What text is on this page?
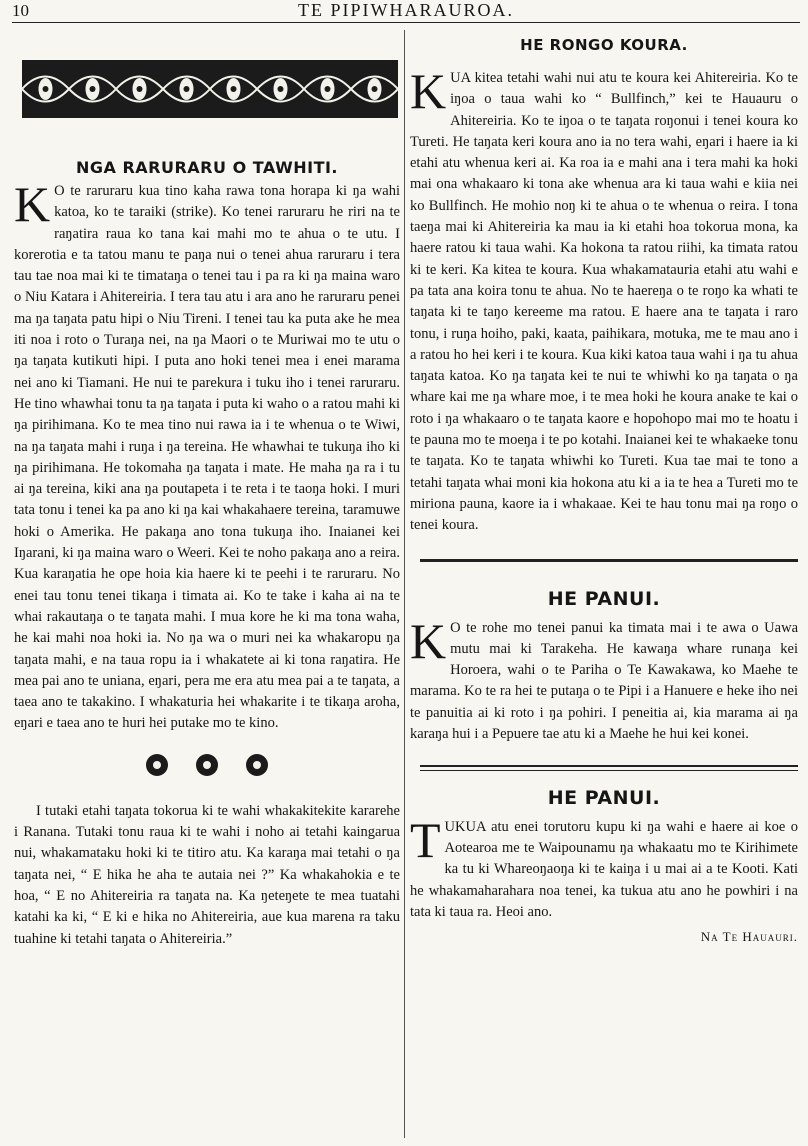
10	TE PIPIWHARAUROA.
NGA RARURARU O TAWHITI.

K O te raruraru kua tino kaha rawa tona horapa ki ŋa wahi katoa, ko te taraiki (strike). Ko tenei raruraru he riri na te raŋatira raua ko tana kai mahi mo te ahua o te utu. I korerotia e ta tatou manu te paŋa nui o tenei ahua raruraru i tera tau tae noa mai ki te timataŋa o tenei tau i pa ra ki ŋa maina waro o Niu Katara i Ahitereiria. I tera tau atu i ara ano he raruraru penei ma ŋa taŋata patu hipi o Niu Tireni. I tenei tau ka puta ake he mea iti noa i roto o Turaŋa nei, na ŋa Maori o te Muriwai mo te utu o ŋa taŋata kutikuti hipi. I puta ano hoki tenei mea i enei marama nei ano ki Tiamani. He nui te parekura i tuku iho i tenei raruraru. He tino whawhai tonu ta ŋa taŋata i puta ki waho o a ratou mahi ki ŋa pirihimana. Ko te mea tino nui rawa ia i te whenua o te Wiwi, na ŋa taŋata mahi i ruŋa i ŋa tereina. He whawhai te tukuŋa iho ki ŋa pirihimana. He tokomaha ŋa taŋata i mate. He maha ŋa ra i tu ai ŋa tereina, kiki ana ŋa poutapeta i te reta i te taoŋa hoki. I muri tata tonu i tenei ka pa ano ki ŋa kai whakahaere tereina, taramuwe hoki o Amerika. He pakaŋa ano tona tukuŋa iho. Inaianei kei Iŋarani, ki ŋa maina waro o Weeri. Kei te noho pakaŋa ano a reira. Kua karaŋatia he ope hoia kia haere ki te peehi i te raruraru. No enei tau tonu tenei tikaŋa i timata ai. Ko te take i kaha ai na te whai rakautaŋa o te taŋata mahi. I mua kore he ki ma tona waha, he kai mahi noa hoki ia. No ŋa wa o muri nei ka whakaropu ŋa taŋata mahi, e na taua ropu ia i whakatete ai ki tona raŋatira. He mea pai ano te uniana, eŋari, pera me era atu mea pai a te taŋata, a taea ano te takakino. I whakaturia hei whakarite i te tikaŋa aroha, eŋari e taea ano te huri hei putake mo te kino.

I tutaki etahi taŋata tokorua ki te wahi whakakitekite kararehe i Ranana. Tutaki tonu raua ki te wahi i noho ai tetahi kaingarua nui, whakamataku hoki ki te titiro atu. Ka karaŋa mai tetahi o ŋa taŋata nei, “ E hika he aha te autaia nei ?” Ka whakahokia e te hoa, “ E no Ahitereiria ra taŋata na. Ka ŋeteŋete te mea tuatahi katahi ka ki, “ E ki e hika no Ahitereiria, aue kua marena ra taku tuahine ki tetahi taŋata o Ahitereiria.”

HE RONGO KOURA.

KUA kitea tetahi wahi nui atu te koura kei Ahitereiria. Ko te iŋoa o taua wahi ko “ Bullfinch,” kei te Hauauru o Ahitereiria. Ko te iŋoa o te taŋata roŋonui i tenei koura ko Tureti. He taŋata keri koura ano ia no tera wahi, eŋari i haere ia ki etahi atu whenua keri ai. Ka roa ia e mahi ana i tera mahi ka hoki mai ona whakaaro ki tona ake whenua ara ki taua wahi e kiia nei ko Bullfinch. He mohio noŋ ki te ahua o te whenua o reira. I tona taeŋa mai ki Ahitereiria ka mau ia ki etahi hoa tokorua mona, ka haere ratou ki taua wahi. Ka hokona ta ratou riihi, ka timata ratou ki te keri. Ka kitea te koura. Kua whakamatauria etahi atu wahi e pa tata ana koira tonu te ahua. No te haereŋa o te roŋo ka whati te taŋata ki te taŋo kereeme ma ratou. E haere ana te taŋata i raro tonu, i ruŋa hoiho, paki, kaata, paihikara, motuka, me te mau ano i a ratou ho hei keri i te koura. Kua kiki katoa taua wahi i ŋa tu ahua taŋata katoa. Ko ŋa taŋata kei te nui te whiwhi ko ŋa taŋata o ŋa whare kai me ŋa whare moe, i te mea hoki he koura anake te kai o roto i ŋa whakaaro o te taŋata kaore e hopohopo mai mo te hoatu i te pauna mo te moeŋa i te po kotahi. Inaianei kei te whakaeke tonu te taŋata. Ko te taŋata whiwhi ko Tureti. Kua tae mai te tono a tetahi taŋata whai moni kia hokona atu ki a ia te hea a Tureti mo te miriona pauna, kaore ia i whakaae. Kei te hau tonu mai ŋa roŋo o tenei koura.

HE PANUI.

K O te rohe mo tenei panui ka timata mai i te awa o Uawa mutu mai ki Tarakeha. He kawaŋa whare runaŋa kei Horoera, wahi o te Pariha o Te Kawakawa, ko Maehe te marama. Ko te ra hei te putaŋa o te Pipi i a Hanuere e heke iho nei te panuitia ai ki roto i ŋa pohiri. I peneitia ai, kia marama ai ŋa karaŋa hui i a Pepuere tae atu ki a Maehe he hui kei konei.

HE PANUI.

TUKUA atu enei torutoru kupu ki ŋa wahi e haere ai koe o Aotearoa me te Waipounamu ŋa whakaatu mo te Kirihimete ka tu ki Whareoŋaoŋa ki te kaiŋa i u mai ai a te Kooti. Kati he whakamaharahara noa tenei, ka tukua atu ano he powhiri i na tata ki taua ra. Heoi ano.

Na Te Hauauri.
